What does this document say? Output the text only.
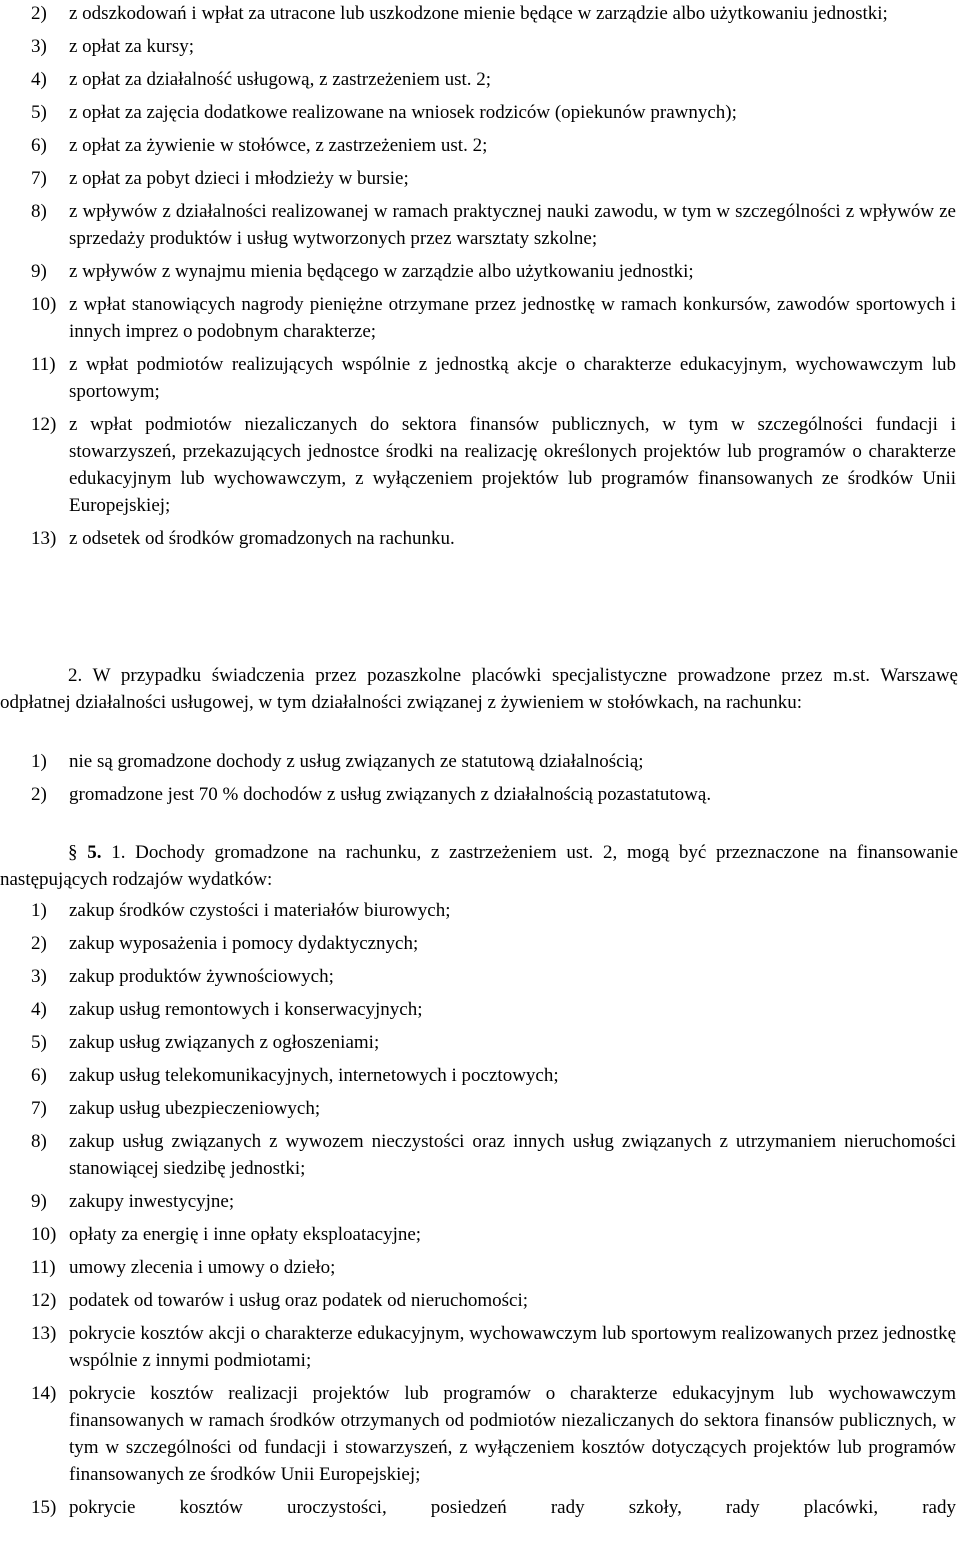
2)	z odszkodowań i wpłat za utracone lub uszkodzone mienie będące w zarządzie albo użytkowaniu jednostki;
3)	z opłat za kursy;
4)	z opłat za działalność usługową, z zastrzeżeniem ust. 2;
5)	z opłat za zajęcia dodatkowe realizowane na wniosek rodziców (opiekunów prawnych);
6)	z opłat za żywienie w stołówce, z zastrzeżeniem ust. 2;
7)	z opłat za pobyt dzieci i młodzieży w bursie;
8)	z wpływów z działalności realizowanej w ramach praktycznej nauki zawodu, w tym w szczególności z wpływów ze sprzedaży produktów i usług wytworzonych przez warsztaty szkolne;
9)	z wpływów z wynajmu mienia będącego w zarządzie albo użytkowaniu jednostki;
10) z wpłat stanowiących nagrody pieniężne otrzymane przez jednostkę w ramach konkursów, zawodów sportowych i innych imprez o podobnym charakterze;
11) z wpłat podmiotów realizujących wspólnie z jednostką akcje o charakterze edukacyjnym, wychowawczym lub sportowym;
12) z wpłat podmiotów niezaliczanych do sektora finansów publicznych, w tym w szczególności fundacji i stowarzyszeń, przekazujących jednostce środki na realizację określonych projektów lub programów o charakterze edukacyjnym lub wychowawczym, z wyłączeniem projektów lub programów finansowanych ze środków Unii Europejskiej;
13) z odsetek od środków gromadzonych na rachunku.
2. W przypadku świadczenia przez pozaszkolne placówki specjalistyczne prowadzone przez m.st. Warszawę odpłatnej działalności usługowej, w tym działalności związanej z żywieniem w stołówkach, na rachunku:
1)	nie są gromadzone dochody z usług związanych ze statutową działalnością;
2)	gromadzone jest 70 % dochodów z usług związanych z działalnością pozastatutową.
§ 5. 1. Dochody gromadzone na rachunku, z zastrzeżeniem ust. 2, mogą być przeznaczone na finansowanie następujących rodzajów wydatków:
1)	zakup środków czystości i materiałów biurowych;
2)	zakup wyposażenia i pomocy dydaktycznych;
3)	zakup produktów żywnościowych;
4)	zakup usług remontowych i konserwacyjnych;
5)	zakup usług związanych z ogłoszeniami;
6)	zakup usług telekomunikacyjnych, internetowych i pocztowych;
7)	zakup usług ubezpieczeniowych;
8)	zakup usług związanych z wywozem nieczystości oraz innych usług związanych z utrzymaniem nieruchomości stanowiącej siedzibę jednostki;
9)	zakupy inwestycyjne;
10) opłaty za energię i inne opłaty eksploatacyjne;
11) umowy zlecenia i umowy o dzieło;
12) podatek od towarów i usług oraz podatek od nieruchomości;
13) pokrycie kosztów akcji o charakterze edukacyjnym, wychowawczym lub sportowym realizowanych przez jednostkę wspólnie z innymi podmiotami;
14) pokrycie kosztów realizacji projektów lub programów o charakterze edukacyjnym lub wychowawczym finansowanych w ramach środków otrzymanych od podmiotów niezaliczanych do sektora finansów publicznych, w tym w szczególności od fundacji i stowarzyszeń, z wyłączeniem kosztów dotyczących projektów lub programów finansowanych ze środków Unii Europejskiej;
15) pokrycie kosztów uroczystości, posiedzeń rady szkoły, rady placówki, rady
